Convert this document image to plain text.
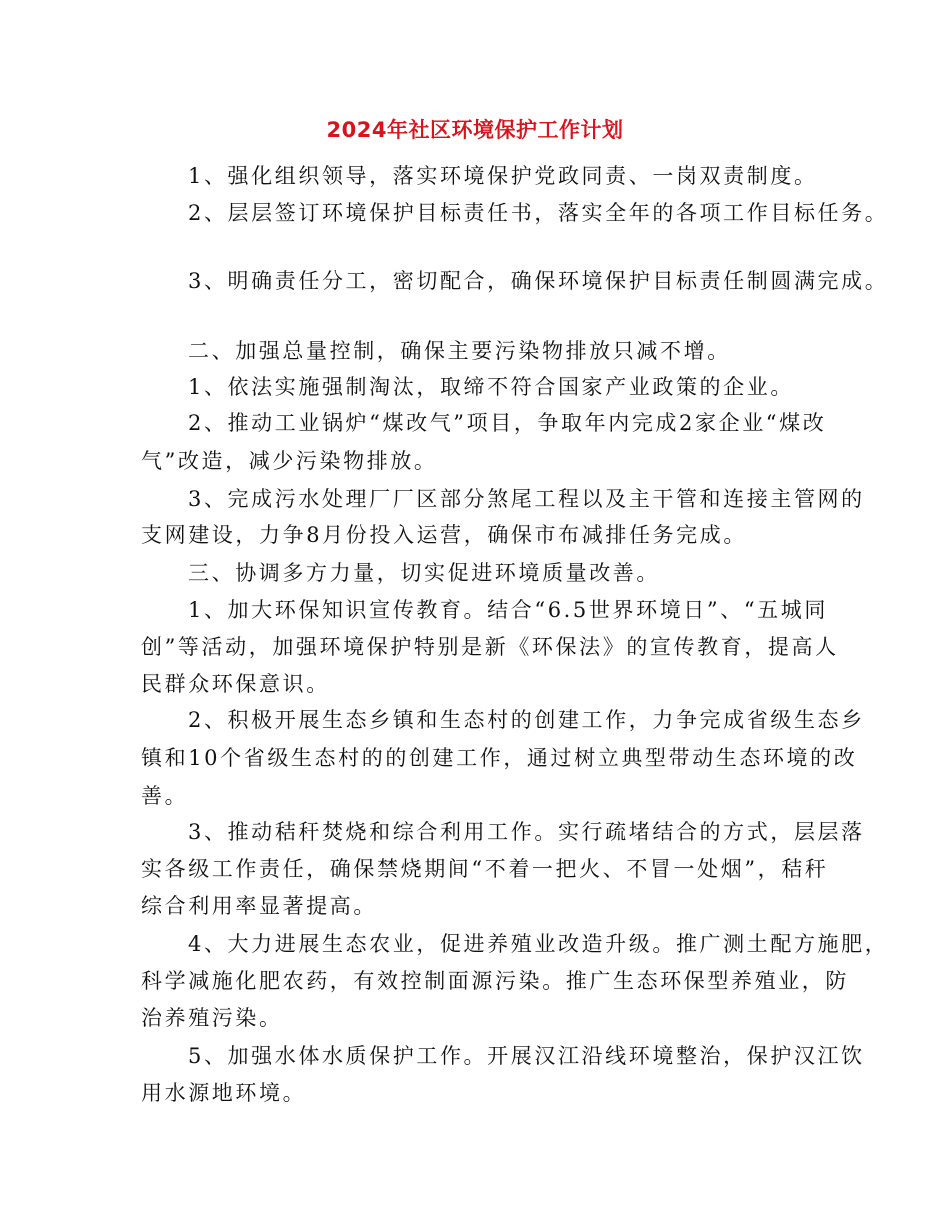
2024年社区环境保护工作计划
1、强化组织领导，落实环境保护党政同责、一岗双责制度。
2、层层签订环境保护目标责任书，落实全年的各项工作目标任务。
3、明确责任分工，密切配合，确保环境保护目标责任制圆满完成。
二、加强总量控制，确保主要污染物排放只减不增。
1、依法实施强制淘汰，取缔不符合国家产业政策的企业。
2、推动工业锅炉“煤改气”项目，争取年内完成2家企业“煤改
气”改造，减少污染物排放。
3、完成污水处理厂厂区部分煞尾工程以及主干管和连接主管网的
支网建设，力争8月份投入运营，确保市布减排任务完成。
三、协调多方力量，切实促进环境质量改善。
1、加大环保知识宣传教育。结合“6.5世界环境日”、“五城同
创”等活动，加强环境保护特别是新《环保法》的宣传教育，提高人
民群众环保意识。
2、积极开展生态乡镇和生态村的创建工作，力争完成省级生态乡
镇和10个省级生态村的的创建工作，通过树立典型带动生态环境的改
善。
3、推动秸秆焚烧和综合利用工作。实行疏堵结合的方式，层层落
实各级工作责任，确保禁烧期间“不着一把火、不冒一处烟”，秸秆
综合利用率显著提高。
4、大力进展生态农业，促进养殖业改造升级。推广测土配方施肥，
科学减施化肥农药，有效控制面源污染。推广生态环保型养殖业，防
治养殖污染。
5、加强水体水质保护工作。开展汉江沿线环境整治，保护汉江饮
用水源地环境。
